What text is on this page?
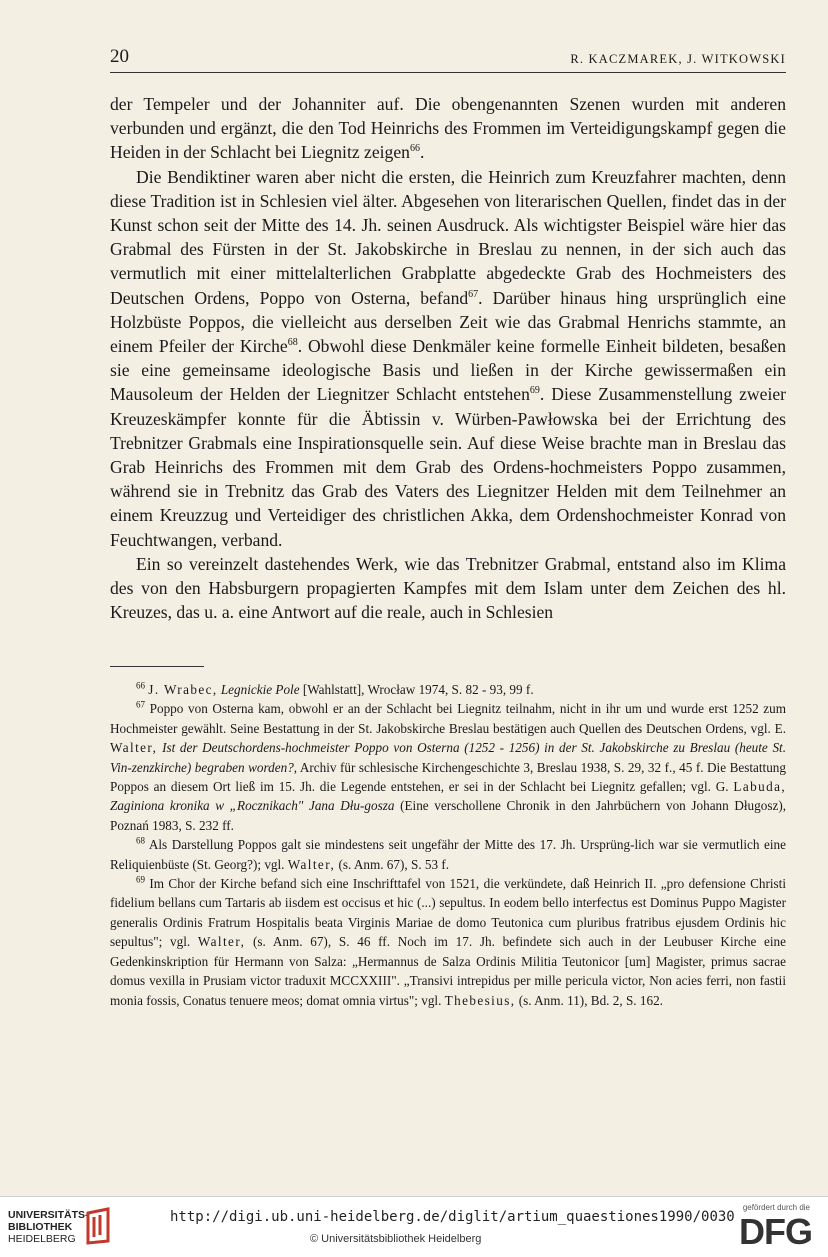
20	R. KACZMAREK, J. WITKOWSKI

der Tempeler und der Johanniter auf. Die obengenannten Szenen wurden mit anderen verbunden und ergänzt, die den Tod Heinrichs des Frommen im Verteidigungskampf gegen die Heiden in der Schlacht bei Liegnitz zeigen$^{66}$.

Die Bendiktiner waren aber nicht die ersten, die Heinrich zum Kreuzfahrer machten, denn diese Tradition ist in Schlesien viel älter. Abgesehen von literarischen Quellen, findet das in der Kunst schon seit der Mitte des 14. Jh. seinen Ausdruck. Als wichtigster Beispiel wäre hier das Grabmal des Fürsten in der St. Jakobskirche in Breslau zu nennen, in der sich auch das vermutlich mit einer mittelalterlichen Grabplatte abgedeckte Grab des Hochmeisters des Deutschen Ordens, Poppo von Osterna, befand$^{67}$. Darüber hinaus hing ursprünglich eine Holzbüste Poppos, die vielleicht aus derselben Zeit wie das Grabmal Henrichs stammte, an einem Pfeiler der Kirche$^{68}$. Obwohl diese Denkmäler keine formelle Einheit bildeten, besaßen sie eine gemeinsame ideologische Basis und ließen in der Kirche gewissermaßen ein Mausoleum der Helden der Liegnitzer Schlacht entstehen$^{69}$. Diese Zusammenstellung zweier Kreuzeskämpfer konnte für die Äbtissin v. Würben-Pawłowska bei der Errichtung des Trebnitzer Grabmals eine Inspirationsquelle sein. Auf diese Weise brachte man in Breslau das Grab Heinrichs des Frommen mit dem Grab des Ordens-hochmeisters Poppo zusammen, während sie in Trebnitz das Grab des Vaters des Liegnitzer Helden mit dem Teilnehmer an einem Kreuzzug und Verteidiger des christlichen Akka, dem Ordenshochmeister Konrad von Feuchtwangen, verband.

Ein so vereinzelt dastehendes Werk, wie das Trebnitzer Grabmal, entstand also im Klima des von den Habsburgern propagierten Kampfes mit dem Islam unter dem Zeichen des hl. Kreuzes, das u. a. eine Antwort auf die reale, auch in Schlesien

$^{66}$ J. Wrabec, Legnickie Pole [Wahlstatt], Wrocław 1974, S. 82 - 93, 99 f.

$^{67}$ Poppo von Osterna kam, obwohl er an der Schlacht bei Liegnitz teilnahm, nicht in ihr um und wurde erst 1252 zum Hochmeister gewählt. Seine Bestattung in der St. Jakobskirche Breslau bestätigen auch Quellen des Deutschen Ordens, vgl. E. Walter, Ist der Deutschordens-hochmeister Poppo von Osterna (1252 - 1256) in der St. Jakobskirche zu Breslau (heute St. Vin-zenzkirche) begraben worden?, Archiv für schlesische Kirchengeschichte 3, Breslau 1938, S. 29, 32 f., 45 f. Die Bestattung Poppos an diesem Ort ließ im 15. Jh. die Legende entstehen, er sei in der Schlacht bei Liegnitz gefallen; vgl. G. Labuda, Zaginiona kronika w „Rocznikach" Jana Dłu-gosza (Eine verschollene Chronik in den Jahrbüchern von Johann Długosz), Poznań 1983, S. 232 ff.

$^{68}$ Als Darstellung Poppos galt sie mindestens seit ungefähr der Mitte des 17. Jh. Ursprüng-lich war sie vermutlich eine Reliquienbüste (St. Georg?); vgl. Walter, (s. Anm. 67), S. 53 f.

$^{69}$ Im Chor der Kirche befand sich eine Inschrifttafel von 1521, die verkündete, daß Heinrich II. „pro defensione Christi fidelium bellans cum Tartaris ab iisdem est occisus et hic (...) sepultus. In eodem bello interfectus est Dominus Puppo Magister generalis Ordinis Fratrum Hospitalis beata Virginis Mariae de domo Teutonica cum pluribus fratribus ejusdem Ordinis hic sepultus"; vgl. Walter, (s. Anm. 67), S. 46 ff. Noch im 17. Jh. befindete sich auch in der Leubuser Kirche eine Gedenkinskription für Hermann von Salza: „Hermannus de Salza Ordinis Militia Teutonicor [um] Magister, primus sacrae domus vexilla in Prusiam victor traduxit MCCXXIII". „Transivi intrepidus per mille pericula victor, Non acies ferri, non fastii monia fossis, Conatus tenuere meos; domat omnia virtus"; vgl. Thebesius, (s. Anm. 11), Bd. 2, S. 162.

UNIVERSITÄTS-
BIBLIOTHEK
HEIDELBERG
http://digi.ub.uni-heidelberg.de/diglit/artium_quaestiones1990/0030
© Universitätsbibliothek Heidelberg
gefördert durch die
DFG
